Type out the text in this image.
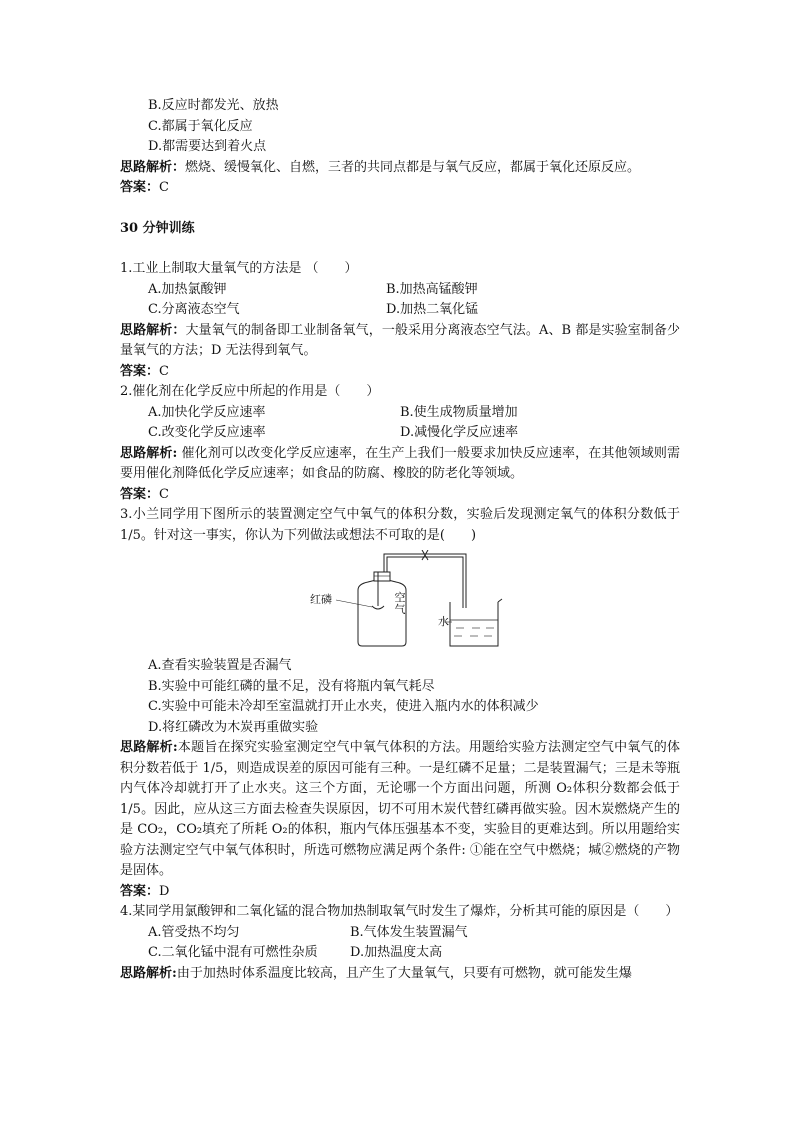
B.反应时都发光、放热
C.都属于氧化反应
D.都需要达到着火点
思路解析：燃烧、缓慢氧化、自燃，三者的共同点都是与氧气反应，都属于氧化还原反应。
答案：C
30 分钟训练
1.工业上制取大量氧气的方法是 （　　）
A.加热氯酸钾	B.加热高锰酸钾
C.分离液态空气	D.加热二氧化锰
思路解析：大量氧气的制备即工业制备氧气，一般采用分离液态空气法。A、B 都是实验室制备少量氧气的方法；D 无法得到氧气。
答案：C
2.催化剂在化学反应中所起的作用是（　　）
A.加快化学反应速率	B.使生成物质量增加
C.改变化学反应速率	D.减慢化学反应速率
思路解析: 催化剂可以改变化学反应速率，在生产上我们一般要求加快反应速率，在其他领域则需要用催化剂降低化学反应速率；如食品的防腐、橡胶的防老化等领域。
答案：C
3.小兰同学用下图所示的装置测定空气中氧气的体积分数，实验后发现测定氧气的体积分数低于 1/5。针对这一事实，你认为下列做法或想法不可取的是(　　)
红磷	空气
水
A.查看实验装置是否漏气
B.实验中可能红磷的量不足，没有将瓶内氧气耗尽
C.实验中可能未冷却至室温就打开止水夹，使进入瓶内水的体积减少
D.将红磷改为木炭再重做实验
思路解析:本题旨在探究实验室测定空气中氧气体积的方法。用题给实验方法测定空气中氧气的体积分数若低于 1/5，则造成误差的原因可能有三种。一是红磷不足量；二是装置漏气；三是未等瓶内气体冷却就打开了止水夹。这三个方面，无论哪一个方面出问题，所测 O₂体积分数都会低于 1/5。因此，应从这三方面去检查失误原因，切不可用木炭代替红磷再做实验。因木炭燃烧产生的是 CO₂，CO₂填充了所耗 O₂的体积，瓶内气体压强基本不变，实验目的更难达到。所以用题给实验方法测定空气中氧气体积时，所选可燃物应满足两个条件: ①能在空气中燃烧；堿②燃烧的产物是固体。
答案：D
4.某同学用氯酸钾和二氧化锰的混合物加热制取氧气时发生了爆炸，分析其可能的原因是（　　）
A.管受热不均匀	B.气体发生装置漏气
C.二氧化锰中混有可燃性杂质	D.加热温度太高
思路解析:由于加热时体系温度比较高，且产生了大量氧气，只要有可燃物，就可能发生爆
